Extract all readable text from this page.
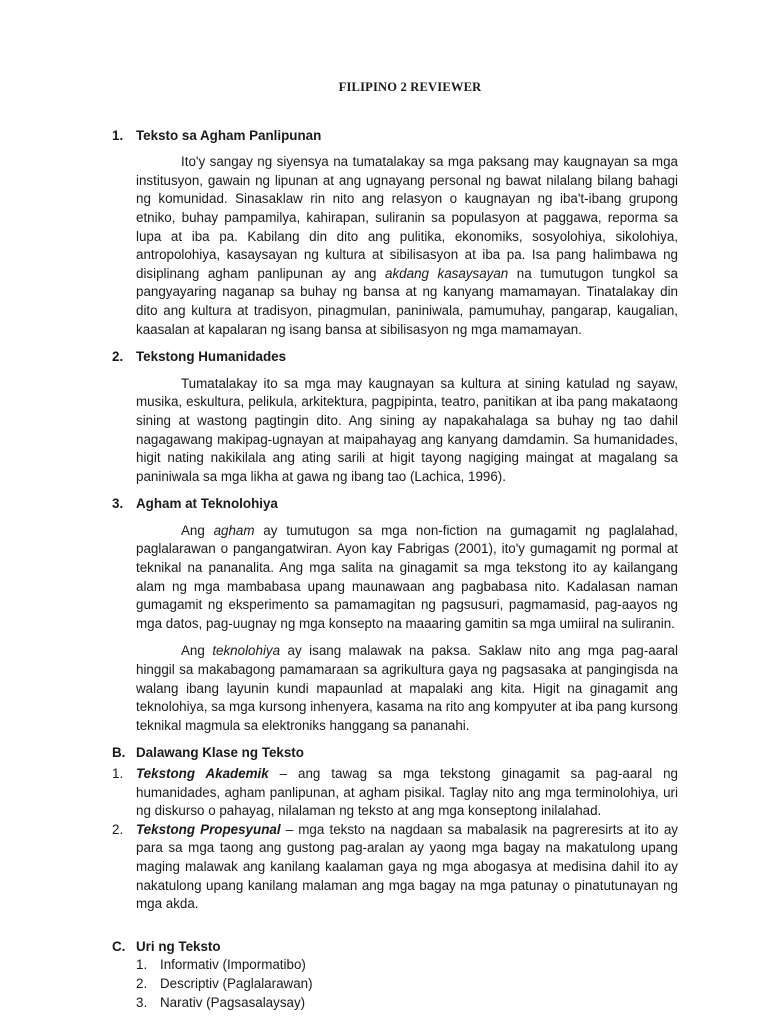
FILIPINO 2 REVIEWER
1. Teksto sa Agham Panlipunan

Ito'y sangay ng siyensya na tumatalakay sa mga paksang may kaugnayan sa mga institusyon, gawain ng lipunan at ang ugnayang personal ng bawat nilalang bilang bahagi ng komunidad. Sinasaklaw rin nito ang relasyon o kaugnayan ng iba't-ibang grupong etniko, buhay pampamilya, kahirapan, suliranin sa populasyon at paggawa, reporma sa lupa at iba pa. Kabilang din dito ang pulitika, ekonomiks, sosyolohiya, sikolohiya, antropolohiya, kasaysayan ng kultura at sibilisasyon at iba pa. Isa pang halimbawa ng disiplinang agham panlipunan ay ang akdang kasaysayan na tumutugon tungkol sa pangyayaring naganap sa buhay ng bansa at ng kanyang mamamayan. Tinatalakay din dito ang kultura at tradisyon, pinagmulan, paniniwala, pamumuhay, pangarap, kaugalian, kaasalan at kapalaran ng isang bansa at sibilisasyon ng mga mamamayan.

2. Tekstong Humanidades

Tumatalakay ito sa mga may kaugnayan sa kultura at sining katulad ng sayaw, musika, eskultura, pelikula, arkitektura, pagpipinta, teatro, panitikan at iba pang makataong sining at wastong pagtingin dito. Ang sining ay napakahalaga sa buhay ng tao dahil nagagawang makipag-ugnayan at maipahayag ang kanyang damdamin. Sa humanidades, higit nating nakikilala ang ating sarili at higit tayong nagiging maingat at magalang sa paniniwala sa mga likha at gawa ng ibang tao (Lachica, 1996).

3. Agham at Teknolohiya

Ang agham ay tumutugon sa mga non-fiction na gumagamit ng paglalahad, paglalarawan o pangangatwiran. Ayon kay Fabrigas (2001), ito'y gumagamit ng pormal at teknikal na pananalita. Ang mga salita na ginagamit sa mga tekstong ito ay kailangang alam ng mga mambabasa upang maunawaan ang pagbabasa nito. Kadalasan naman gumagamit ng eksperimento sa pamamagitan ng pagsusuri, pagmamasid, pag-aayos ng mga datos, pag-uugnay ng mga konsepto na maaaring gamitin sa mga umiiral na suliranin.

Ang teknolohiya ay isang malawak na paksa. Saklaw nito ang mga pag-aaral hinggil sa makabagong pamamaraan sa agrikultura gaya ng pagsasaka at pangingisda na walang ibang layunin kundi mapaunlad at mapalaki ang kita. Higit na ginagamit ang teknolohiya, sa mga kursong inhenyera, kasama na rito ang kompyuter at iba pang kursong teknikal magmula sa elektroniks hanggang sa pananahi.

B. Dalawang Klase ng Teksto
1. Tekstong Akademik – ang tawag sa mga tekstong ginagamit sa pag-aaral ng humanidades, agham panlipunan, at agham pisikal. Taglay nito ang mga terminolohiya, uri ng diskurso o pahayag, nilalaman ng teksto at ang mga konseptong inilalahad.
2. Tekstong Propesyunal – mga teksto na nagdaan sa mabalasik na pagreresirts at ito ay para sa mga taong ang gustong pag-aralan ay yaong mga bagay na makatulong upang maging malawak ang kanilang kaalaman gaya ng mga abogasya at medisina dahil ito ay nakatulong upang kanilang malaman ang mga bagay na mga patunay o pinatutunayan ng mga akda.
C. Uri ng Teksto
1. Informativ (Impormatibo)
2. Descriptiv (Paglalarawan)
3. Narativ (Pagsasalaysay)
